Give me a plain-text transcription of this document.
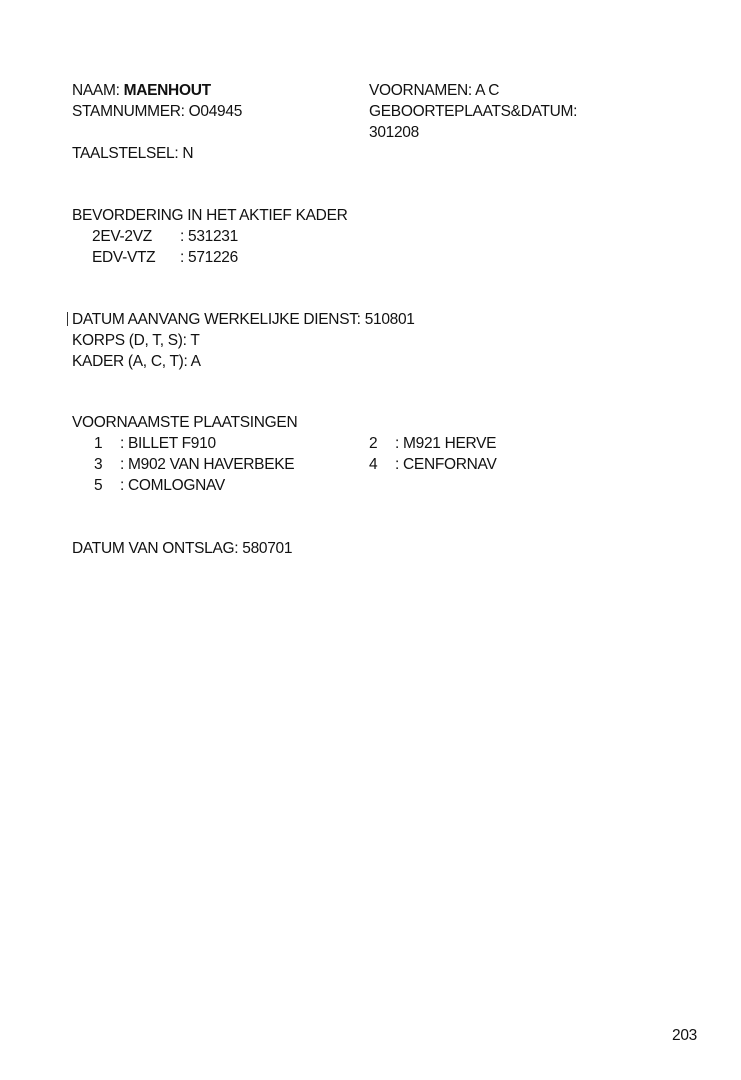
NAAM: MAENHOUT	VOORNAMEN: A C
STAMNUMMER: O04945	GEBOORTEPLAATS&DATUM:
301208
TAALSTELSEL: N
BEVORDERING IN HET AKTIEF KADER
2EV-2VZ : 531231
EDV-VTZ : 571226
DATUM AANVANG WERKELIJKE DIENST: 510801
KORPS (D, T, S): T
KADER (A, C, T): A
VOORNAAMSTE PLAATSINGEN
1 : BILLET F910	2 : M921 HERVE
3 : M902 VAN HAVERBEKE	4 : CENFORNAV
5 : COMLOGNAV
DATUM VAN ONTSLAG: 580701
203
